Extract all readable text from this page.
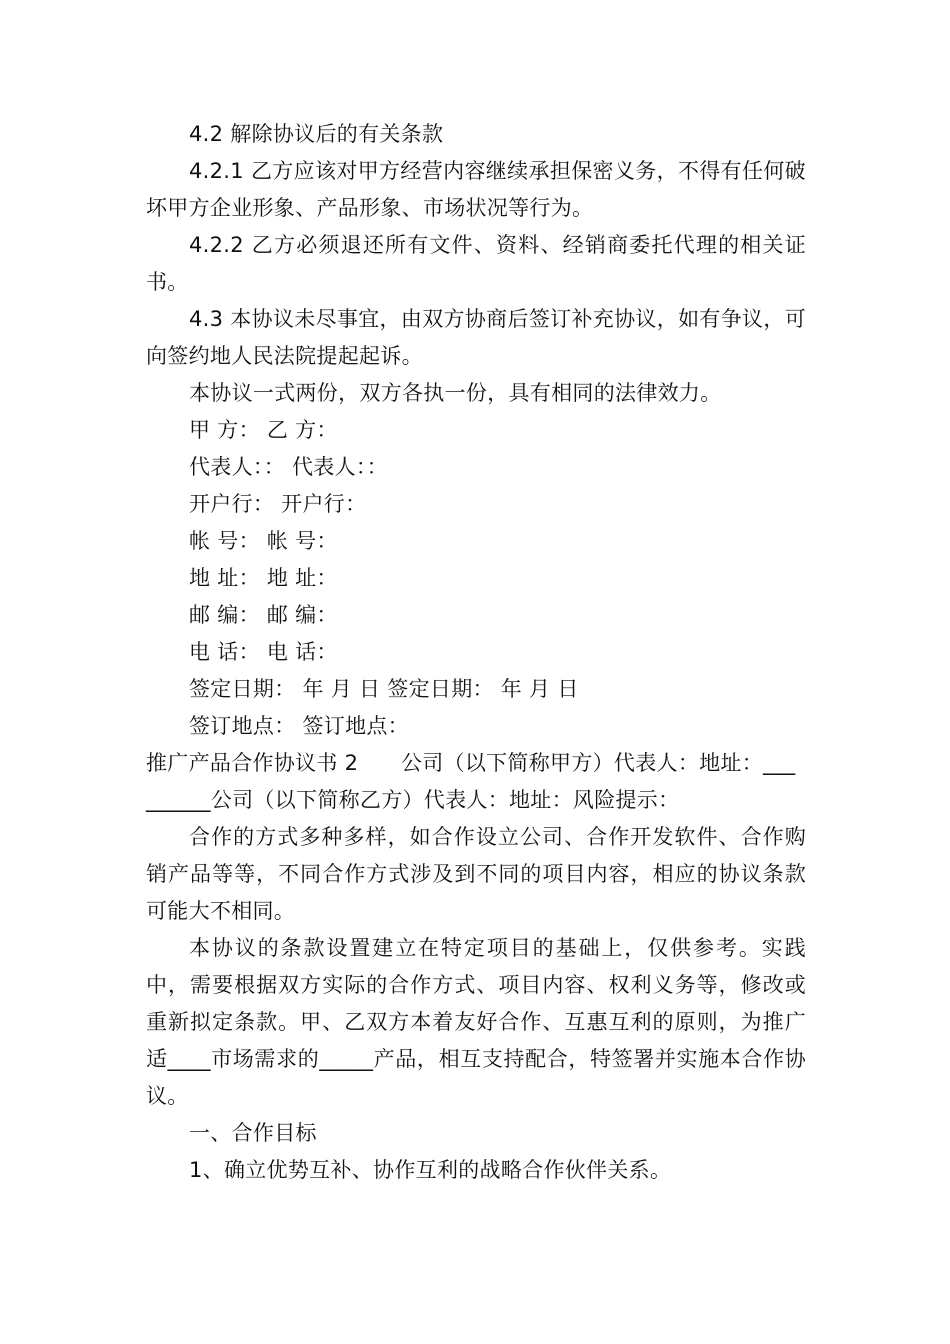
4.2 解除协议后的有关条款

4.2.1 乙方应该对甲方经营内容继续承担保密义务，不得有任何破坏甲方企业形象、产品形象、市场状况等行为。

4.2.2 乙方必须退还所有文件、资料、经销商委托代理的相关证书。

4.3 本协议未尽事宜，由双方协商后签订补充协议，如有争议，可向签约地人民法院提起起诉。

本协议一式两份，双方各执一份，具有相同的法律效力。

甲 方： 乙 方：

代表人：： 代表人：：

开户行： 开户行：

帐 号： 帐 号：

地 址： 地 址：

邮 编： 邮 编：

电 话： 电 话：

签定日期： 年 月 日 签定日期： 年 月 日

签订地点： 签订地点：

推广产品合作协议书 2　　公司（以下简称甲方）代表人：地址：_________公司（以下简称乙方）代表人：地址：风险提示：

合作的方式多种多样，如合作设立公司、合作开发软件、合作购销产品等等，不同合作方式涉及到不同的项目内容，相应的协议条款可能大不相同。

本协议的条款设置建立在特定项目的基础上，仅供参考。实践中，需要根据双方实际的合作方式、项目内容、权利义务等，修改或重新拟定条款。甲、乙双方本着友好合作、互惠互利的原则，为推广适____市场需求的_____产品，相互支持配合，特签署并实施本合作协议。

一、合作目标

1、确立优势互补、协作互利的战略合作伙伴关系。
